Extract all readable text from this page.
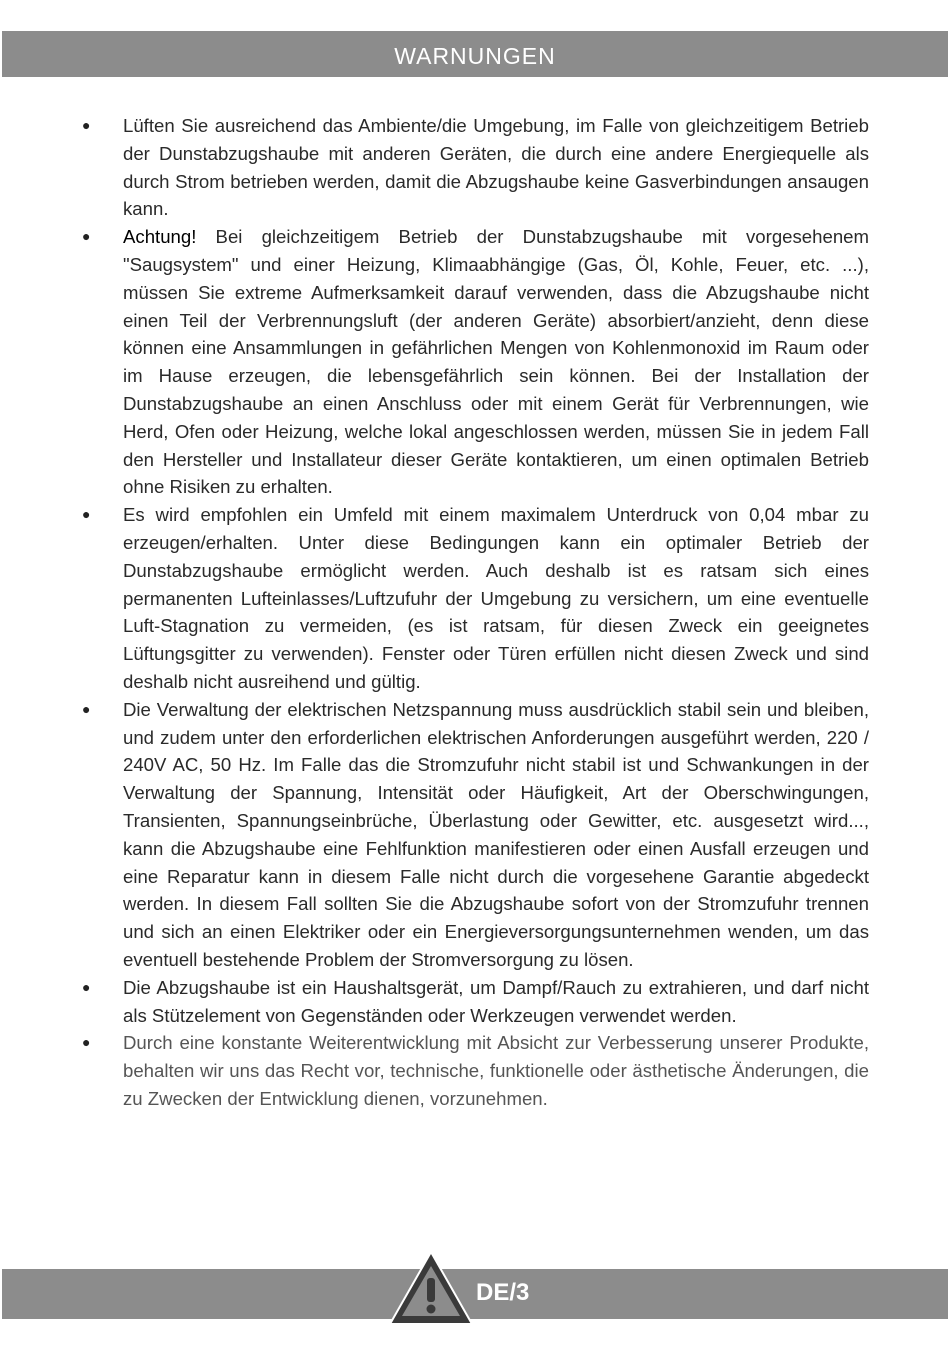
WARNUNGEN
● Lüften Sie ausreichend das Ambiente/die Umgebung, im Falle von gleichzeitigem Betrieb der Dunstabzugshaube mit anderen Geräten, die durch eine andere Energiequelle als durch Strom betrieben werden, damit die Abzugshaube keine Gasverbindungen ansaugen kann.
● Achtung! Bei gleichzeitigem Betrieb der Dunstabzugshaube mit vorgesehenem "Saugsystem" und einer Heizung, Klimaabhängige (Gas, Öl, Kohle, Feuer, etc. ...), müssen Sie extreme Aufmerksamkeit darauf verwenden, dass die Abzugshaube nicht einen Teil der Verbrennungsluft (der anderen Geräte) absorbiert/anzieht, denn diese können eine Ansammlungen in gefährlichen Mengen von Kohlenmonoxid im Raum oder im Hause erzeugen, die lebensgefährlich sein können. Bei der Installation der Dunstabzugshaube an einen Anschluss oder mit einem Gerät für Verbrennungen, wie Herd, Ofen oder Heizung, welche lokal angeschlossen werden, müssen Sie in jedem Fall den Hersteller und Installateur dieser Geräte kontaktieren, um einen optimalen Betrieb ohne Risiken zu erhalten.
● Es wird empfohlen ein Umfeld mit einem maximalem Unterdruck von 0,04 mbar zu erzeugen/erhalten. Unter diese Bedingungen kann ein optimaler Betrieb der Dunstabzugshaube ermöglicht werden. Auch deshalb ist es ratsam sich eines permanenten Lufteinlasses/Luftzufuhr der Umgebung zu versichern, um eine eventuelle Luft-Stagnation zu vermeiden, (es ist ratsam, für diesen Zweck ein geeignetes Lüftungsgitter zu verwenden). Fenster oder Türen erfüllen nicht diesen Zweck und sind deshalb nicht ausreihend und gültig.
● Die Verwaltung der elektrischen Netzspannung muss ausdrücklich stabil sein und bleiben, und zudem unter den erforderlichen elektrischen Anforderungen ausgeführt werden, 220 / 240V AC, 50 Hz. Im Falle das die Stromzufuhr nicht stabil ist und Schwankungen in der Verwaltung der Spannung, Intensität oder Häufigkeit, Art der Oberschwingungen, Transienten, Spannungseinbrüche, Überlastung oder Gewitter, etc. ausgesetzt wird..., kann die Abzugshaube eine Fehlfunktion manifestieren oder einen Ausfall erzeugen und eine Reparatur kann in diesem Falle nicht durch die vorgesehene Garantie abgedeckt werden. In diesem Fall sollten Sie die Abzugshaube sofort von der Stromzufuhr trennen und sich an einen Elektriker oder ein Energieversorgungsunternehmen wenden, um das eventuell bestehende Problem der Stromversorgung zu lösen.
● Die Abzugshaube ist ein Haushaltsgerät, um Dampf/Rauch zu extrahieren, und darf nicht als Stützelement von Gegenständen oder Werkzeugen verwendet werden.
● Durch eine konstante Weiterentwicklung mit Absicht zur Verbesserung unserer Produkte, behalten wir uns das Recht vor, technische, funktionelle oder ästhetische Änderungen, die zu Zwecken der Entwicklung dienen, vorzunehmen.
DE/3
